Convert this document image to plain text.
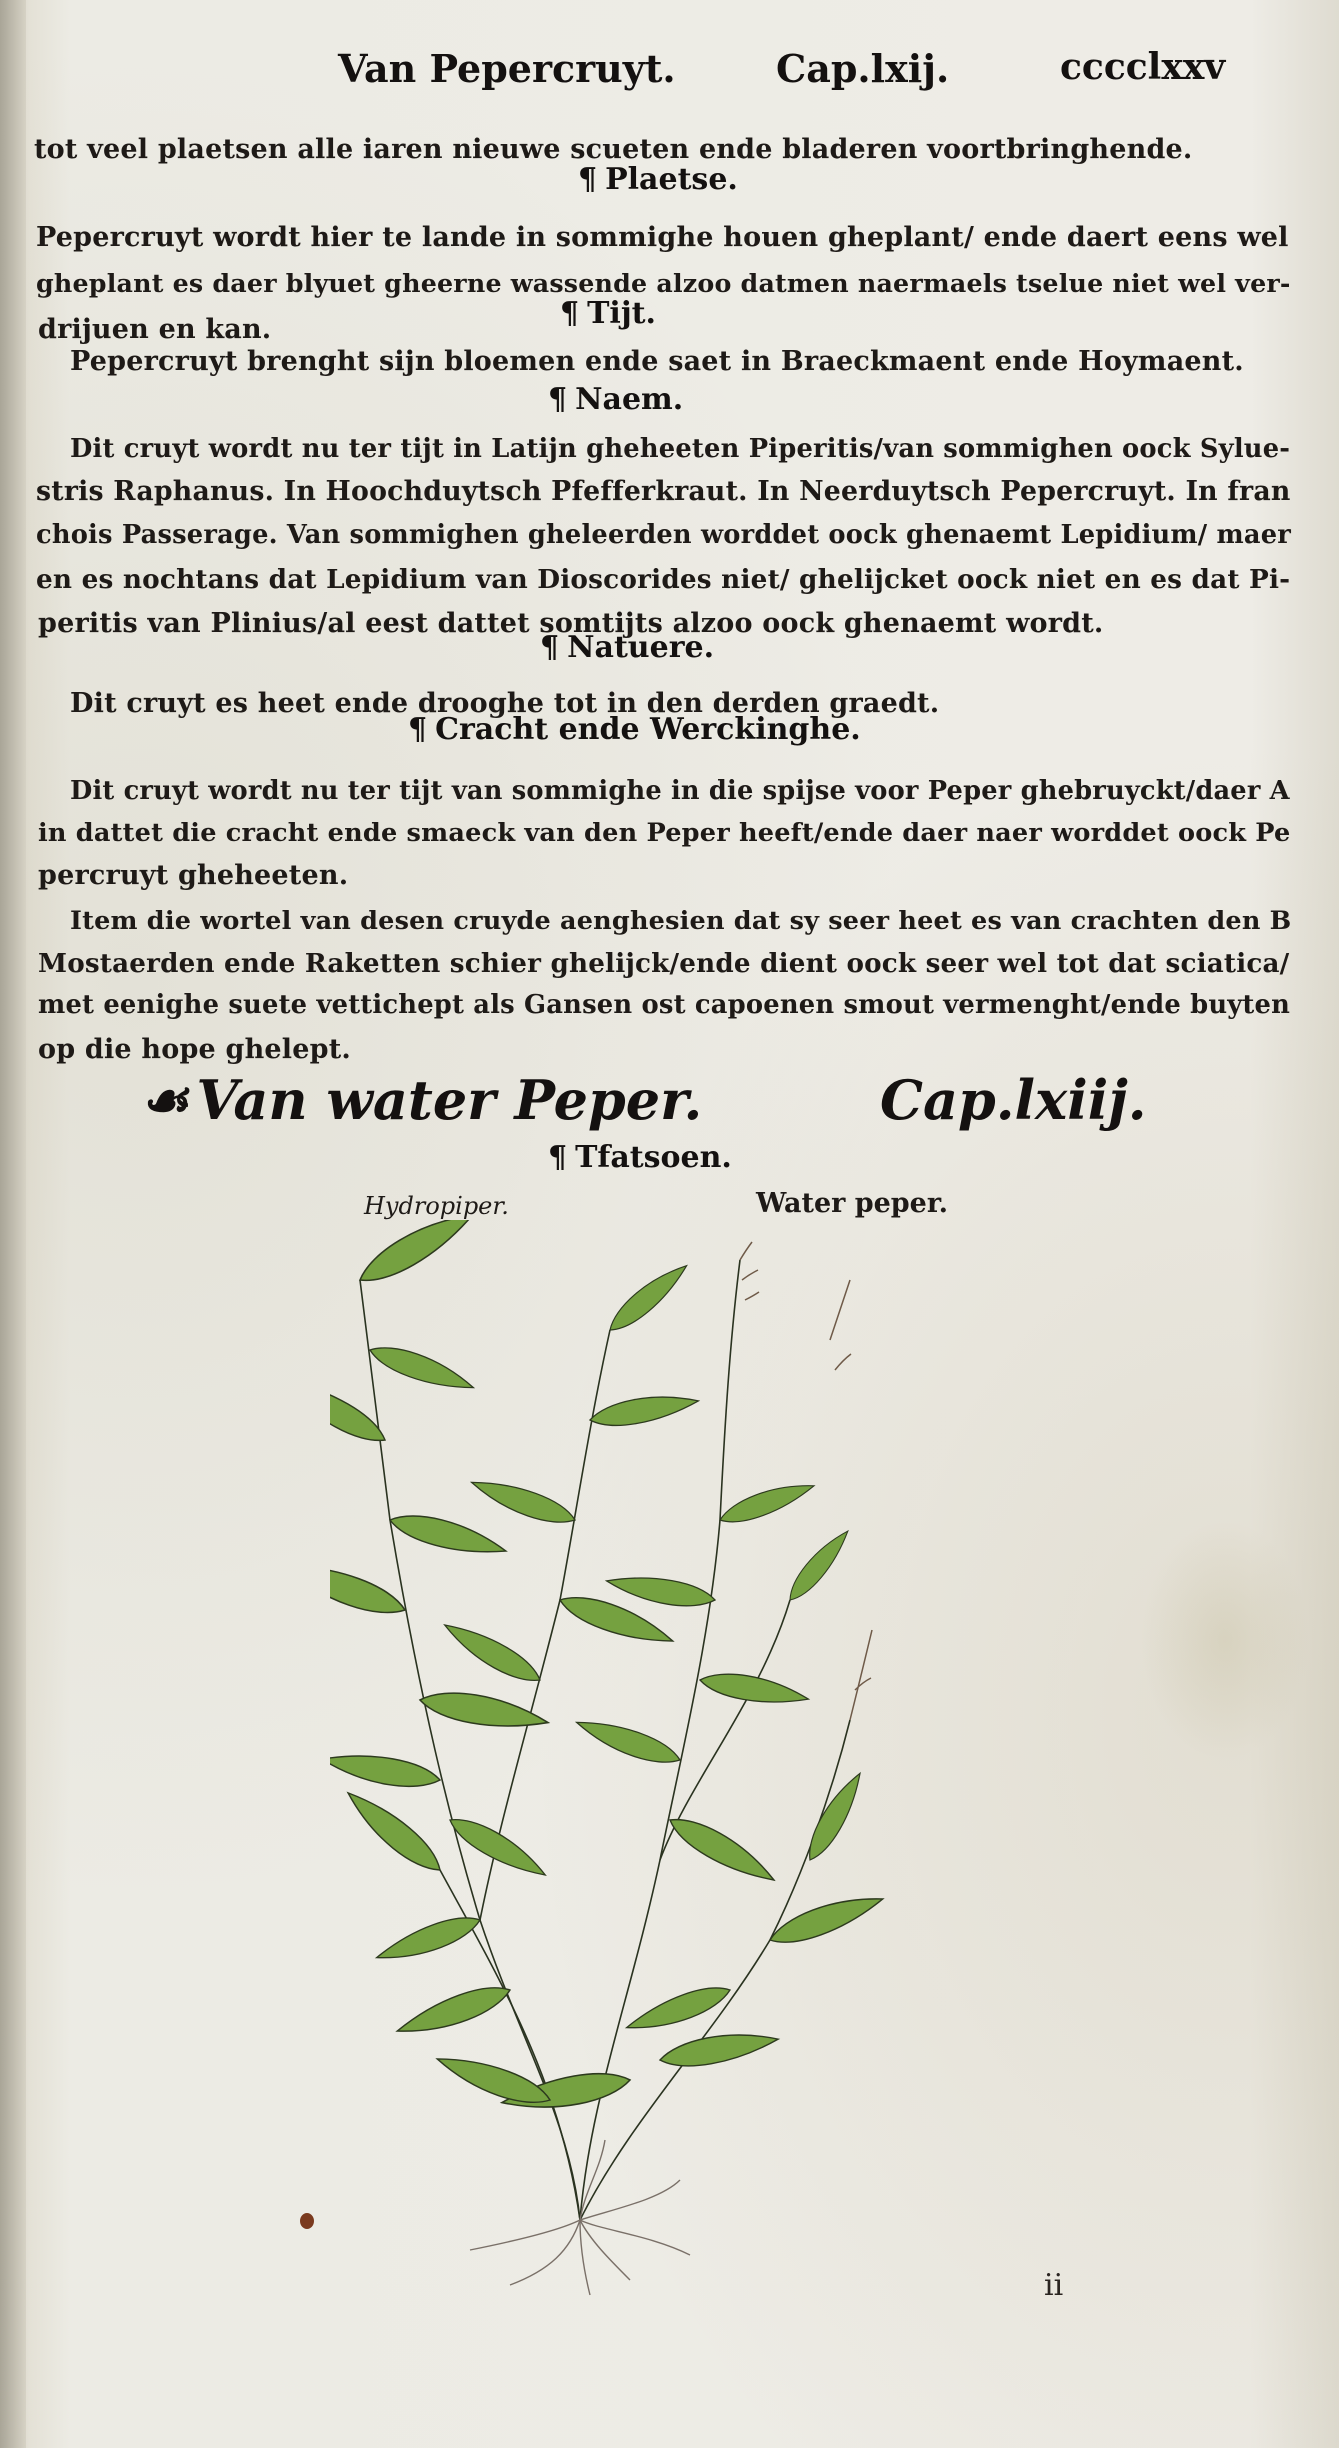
Van Pepercruyt.	Cap.lxij.	cccclxxv
tot veel plaetsen alle iaren nieuwe scueten ende bladeren voortbringhende.
¶ Plaetse.
Pepercruyt wordt hier te lande in sommighe houen gheplant/ ende daert eens wel
gheplant es daer blyuet gheerne wassende alzoo datmen naermaels tselue niet wel ver-
drijuen en kan.	¶ Tijt.
Pepercruyt brenght sijn bloemen ende saet in Braeckmaent ende Hoymaent.
¶ Naem.
Dit cruyt wordt nu ter tijt in Latijn gheheeten Piperitis/van sommighen oock Sylue-
stris Raphanus. In Hoochduytsch Pfefferkraut. In Neerduytsch Pepercruyt. In fran
chois Passerage. Van sommighen gheleerden worddet oock ghenaemt Lepidium/ maer
en es nochtans dat Lepidium van Dioscorides niet/ ghelijcket oock niet en es dat Pi-
peritis van Plinius/al eest dattet somtijts alzoo oock ghenaemt wordt.
¶ Natuere.
Dit cruyt es heet ende drooghe tot in den derden graedt.
¶ Cracht ende Werckinghe.
Dit cruyt wordt nu ter tijt van sommighe in die spijse voor Peper ghebruyckt/daer A
in dattet die cracht ende smaeck van den Peper heeft/ende daer naer worddet oock Pe
percruyt gheheeten.
Item die wortel van desen cruyde aenghesien dat sy seer heet es van crachten den B
Mostaerden ende Raketten schier ghelijck/ende dient oock seer wel tot dat sciatica/
met eenighe suete vettichept als Gansen ost capoenen smout vermenght/ende buyten
op die hope ghelept.
☙ Van water Peper.	Cap.lxiij.
¶ Tfatsoen.
Hydropiper.	Water peper.
ii
